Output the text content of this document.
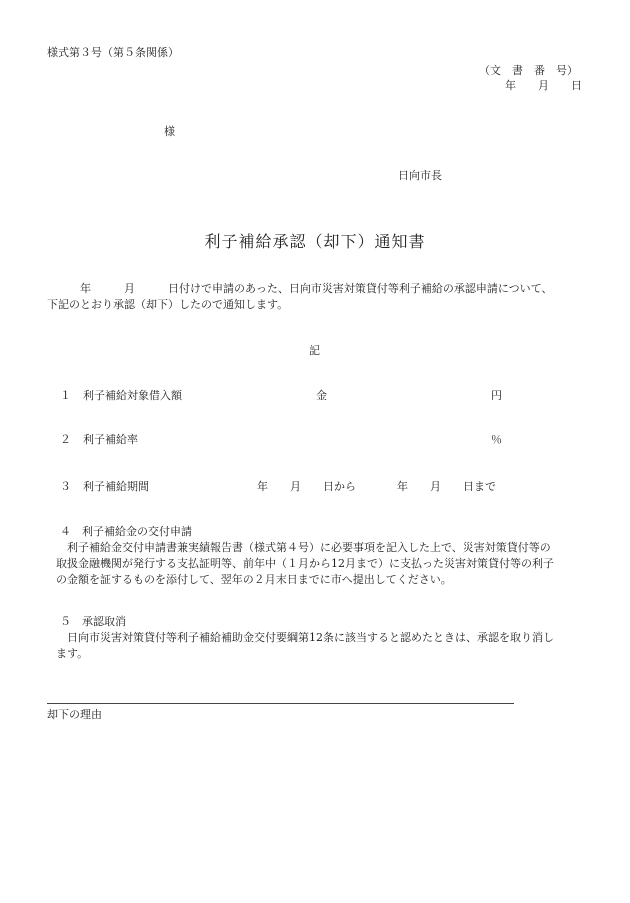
様式第３号（第５条関係）
（文　書　番　号）
年　　月　　日
様
日向市長
利子補給承認（却下）通知書
　　　年　　　月　　　日付けで申請のあった、日向市災害対策貸付等利子補給の承認申請について、
下記のとおり承認（却下）したので通知します。
記
１ 利子補給対象借入額	金	円
２ 利子補給率	％
３ 利子補給期間	年　　月　　日から	年　　月　　日まで
４　利子補給金の交付申請
　利子補給金交付申請書兼実績報告書（様式第４号）に必要事項を記入した上で、災害対策貸付等の
取扱金融機関が発行する支払証明等、前年中（１月から12月まで）に支払った災害対策貸付等の利子
の金額を証するものを添付して、翌年の２月末日までに市へ提出してください。
５　承認取消
　日向市災害対策貸付等利子補給補助金交付要綱第12条に該当すると認めたときは、承認を取り消し
ます。
却下の理由
